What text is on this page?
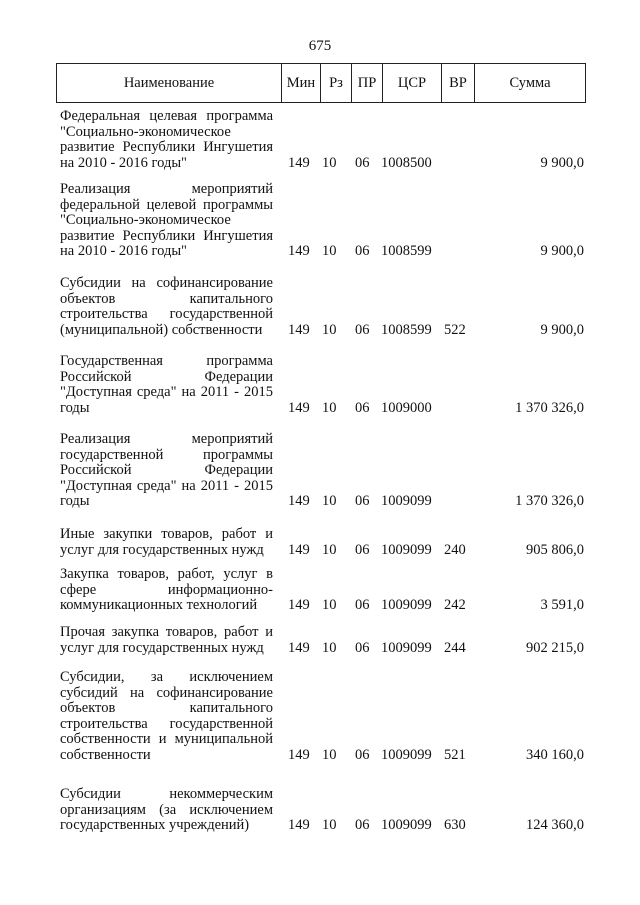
675
Наименование	Мин Рз	ПР	ЦСР	ВР	Сумма
Федеральная целевая программа
"Социально-экономическое
развитие Республики Ингушетия
на 2010 - 2016 годы"	149 10 06 1008500	9 900,0
Реализация мероприятий
федеральной целевой программы
"Социально-экономическое
развитие Республики Ингушетия
на 2010 - 2016 годы"	149 10 06 1008599	9 900,0
Субсидии на софинансирование
объектов капитального
строительства государственной
(муниципальной) собственности	149 10 06 1008599 522	9 900,0
Государственная программа
Российской Федерации
"Доступная среда" на 2011 - 2015
годы	149 10 06 1009000	1 370 326,0
Реализация мероприятий
государственной программы
Российской Федерации
"Доступная среда" на 2011 - 2015
годы	149 10 06 1009099	1 370 326,0
Иные закупки товаров, работ и
услуг для государственных нужд	149 10 06 1009099 240	905 806,0
Закупка товаров, работ, услуг в
сфере информационно-
коммуникационных технологий	149 10 06 1009099 242	3 591,0
Прочая закупка товаров, работ и
услуг для государственных нужд	149 10 06 1009099 244	902 215,0
Субсидии, за исключением
субсидий на софинансирование
объектов капитального
строительства государственной
собственности и муниципальной
собственности	149 10 06 1009099 521	340 160,0
Субсидии некоммерческим
организациям (за исключением
государственных учреждений)	149 10 06 1009099 630	124 360,0
